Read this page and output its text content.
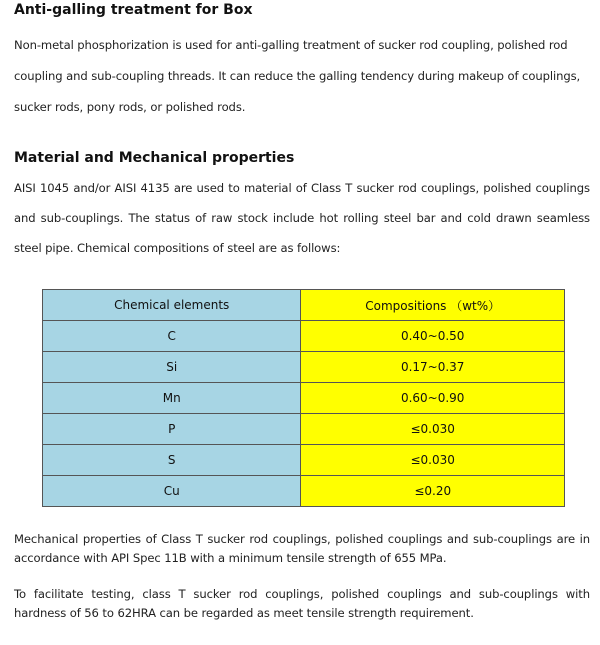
Anti-galling treatment for Box

Non-metal phosphorization is used for anti-galling treatment of sucker rod coupling, polished rod coupling and sub-coupling threads. It can reduce the galling tendency during makeup of couplings, sucker rods, pony rods, or polished rods.

Material and Mechanical properties

AISI 1045 and/or AISI 4135 are used to material of Class T sucker rod couplings, polished couplings and sub-couplings. The status of raw stock include hot rolling steel bar and cold drawn seamless steel pipe. Chemical compositions of steel are as follows:

Chemical elements	Compositions （wt%）
C	0.40~0.50
Si	0.17~0.37
Mn	0.60~0.90
P	≤0.030
S	≤0.030
Cu	≤0.20

Mechanical properties of Class T sucker rod couplings, polished couplings and sub-couplings are in accordance with API Spec 11B with a minimum tensile strength of 655 MPa.

To facilitate testing, class T sucker rod couplings, polished couplings and sub-couplings with hardness of 56 to 62HRA can be regarded as meet tensile strength requirement.
